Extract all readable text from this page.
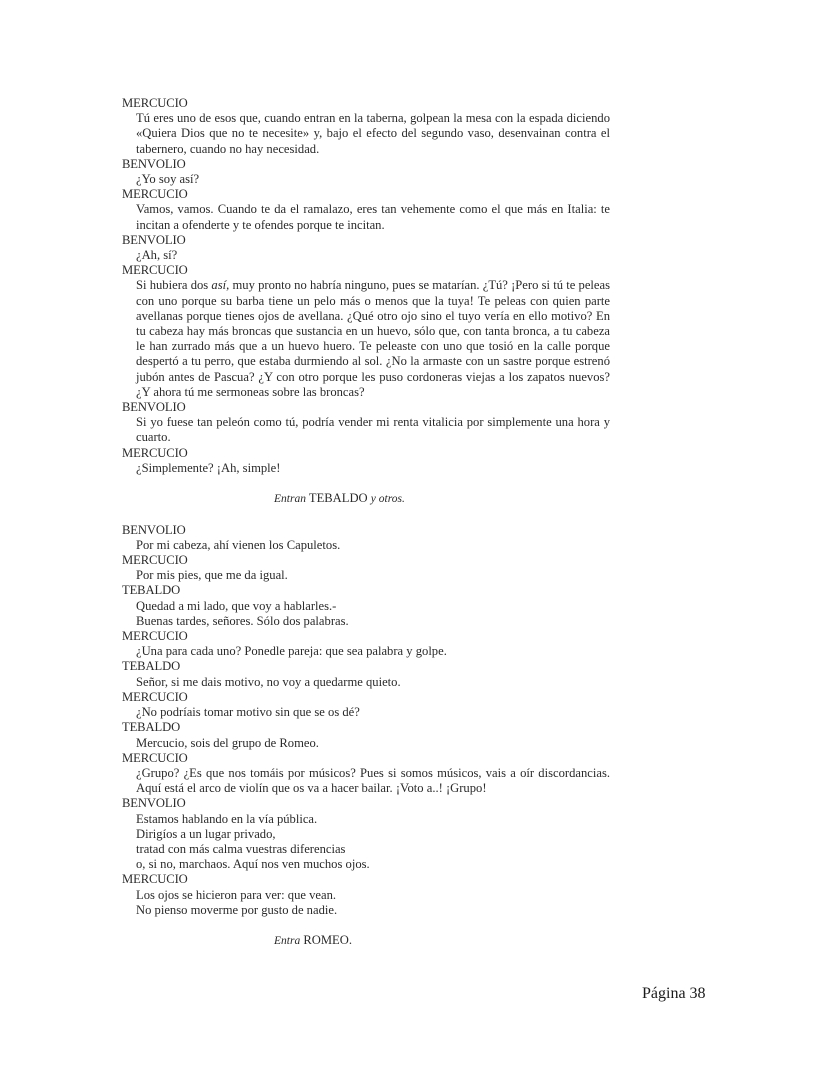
MERCUCIO

Tú eres uno de esos que, cuando entran en la taberna, golpean la mesa con la espada diciendo «Quiera Dios que no te necesite» y, bajo el efecto del segundo vaso, desenvainan contra el tabernero, cuando no hay necesidad.

BENVOLIO

¿Yo soy así?

MERCUCIO

Vamos, vamos. Cuando te da el ramalazo, eres tan vehemente como el que más en Italia: te incitan a ofenderte y te ofendes porque te incitan.

BENVOLIO

¿Ah, sí?

MERCUCIO

Si hubiera dos así, muy pronto no habría ninguno, pues se matarían. ¿Tú? ¡Pero si tú te peleas con uno porque su barba tiene un pelo más o menos que la tuya! Te peleas con quien parte avellanas porque tienes ojos de avellana. ¿Qué otro ojo sino el tuyo vería en ello motivo? En tu cabeza hay más broncas que sustancia en un huevo, sólo que, con tanta bronca, a tu cabeza le han zurrado más que a un huevo huero. Te peleaste con uno que tosió en la calle porque despertó a tu perro, que estaba durmiendo al sol. ¿No la armaste con un sastre porque estrenó jubón antes de Pascua? ¿Y con otro porque les puso cordoneras viejas a los zapatos nuevos? ¿Y ahora tú me sermoneas sobre las broncas?

BENVOLIO

Si yo fuese tan peleón como tú, podría vender mi renta vitalicia por simplemente una hora y cuarto.

MERCUCIO

¿Simplemente? ¡Ah, simple!

Entran TEBALDO y otros.

BENVOLIO

Por mi cabeza, ahí vienen los Capuletos.

MERCUCIO

Por mis pies, que me da igual.

TEBALDO

Quedad a mi lado, que voy a hablarles.-

Buenas tardes, señores. Sólo dos palabras.

MERCUCIO

¿Una para cada uno? Ponedle pareja: que sea palabra y golpe.

TEBALDO

Señor, si me dais motivo, no voy a quedarme quieto.

MERCUCIO

¿No podríais tomar motivo sin que se os dé?

TEBALDO

Mercucio, sois del grupo de Romeo.

MERCUCIO

¿Grupo? ¿Es que nos tomáis por músicos? Pues si somos músicos, vais a oír discordancias. Aquí está el arco de violín que os va a hacer bailar. ¡Voto a..! ¡Grupo!

BENVOLIO

Estamos hablando en la vía pública.

Dirigíos a un lugar privado,

tratad con más calma vuestras diferencias

o, si no, marchaos. Aquí nos ven muchos ojos.

MERCUCIO

Los ojos se hicieron para ver: que vean.

No pienso moverme por gusto de nadie.

Entra ROMEO.

Página 38
